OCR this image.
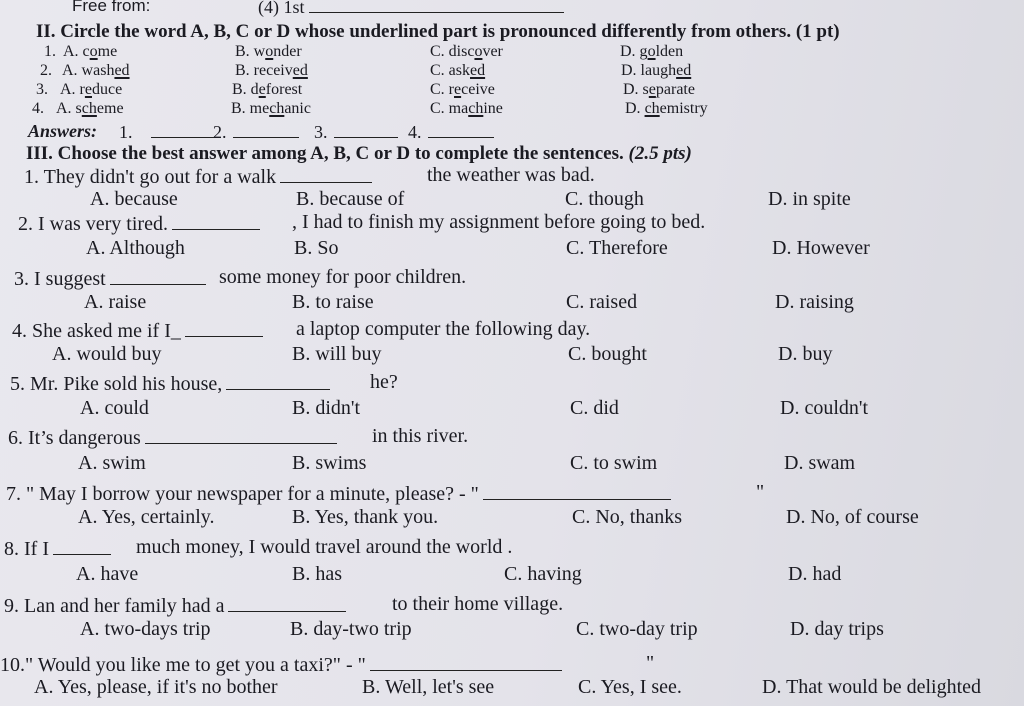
Free from:	(4) 1st
II. Circle the word A, B, C or D whose underlined part is pronounced differently from others. (1 pt)
1. A. come	B. wonder	C. discover	D. golden
2. A. washed	B. received	C. asked	D. laughed
3. A. reduce	B. deforest	C. receive	D. separate
4. A. scheme	B. mechanic	C. machine	D. chemistry
Answers: 1.	2.	3.	4.
III. Choose the best answer among A, B, C or D to complete the sentences. (2.5 pts)
1. They didn't go out for a walk	the weather was bad.
A. because	B. because of	C. though	D. in spite
2. I was very tired.	, I had to finish my assignment before going to bed.
A. Although	B. So	C. Therefore	D. However
3. I suggest	some money for poor children.
A. raise	B. to raise	C. raised	D. raising
4. She asked me if I_	a laptop computer the following day.
A. would buy	B. will buy	C. bought	D. buy
5. Mr. Pike sold his house,	he?
A. could	B. didn't	C. did	D. couldn't
6. It’s dangerous	in this river.
A. swim	B. swims	C. to swim	D. swam
7. " May I borrow your newspaper for a minute, please? - "	"
A. Yes, certainly.	B. Yes, thank you.	C. No, thanks	D. No, of course
8. If I	much money, I would travel around the world .
A. have	B. has	C. having	D. had
9. Lan and her family had a	to their home village.
A. two-days trip	B. day-two trip	C. two-day trip	D. day trips
10." Would you like me to get you a taxi?" - "	"
A. Yes, please, if it's no bother	B. Well, let's see	C. Yes, I see.	D. That would be delighted
